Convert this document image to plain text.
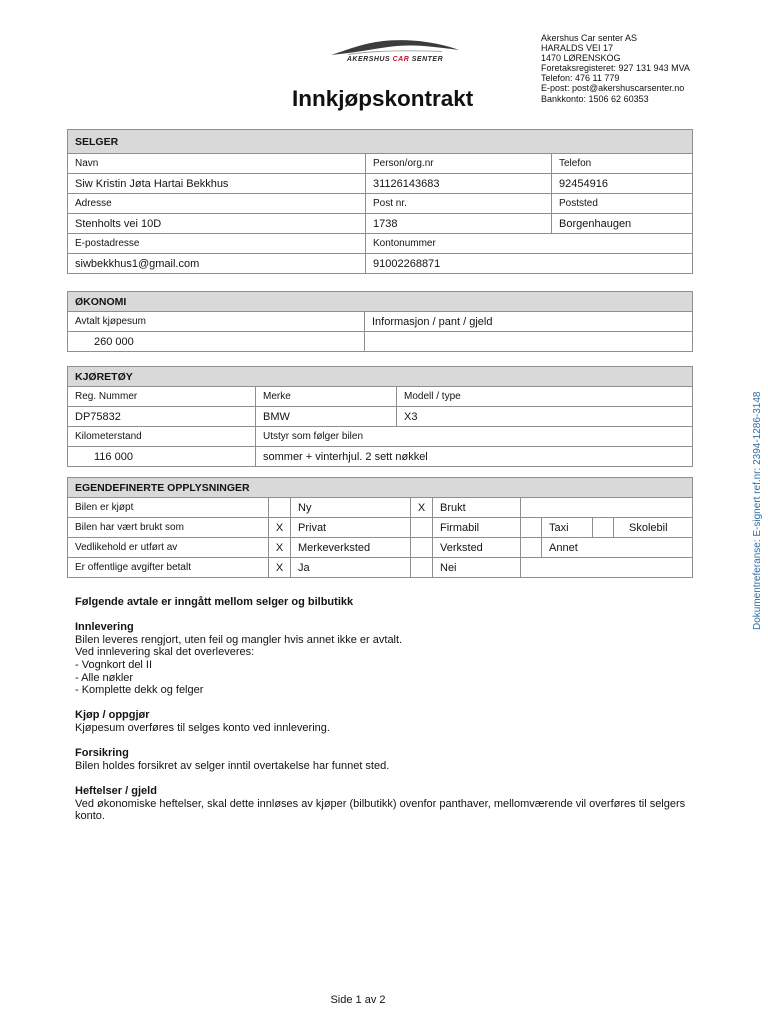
AKERSHUS CAR SENTER
Akershus Car senter AS
HARALDS VEI 17
1470 LØRENSKOG
Foretaksregisteret: 927 131 943 MVA
Telefon: 476 11 779
E-post: post@akershuscarsenter.no
Bankkonto: 1506 62 60353
Innkjøpskontrakt
SELGER		
Navn	Person/org.nr	Telefon
Siw Kristin Jøta Hartai Bekkhus	31126143683	92454916
Adresse	Post nr.	Poststed
Stenholts vei 10D	1738	Borgenhaugen
E-postadresse	Kontonummer	
siwbekkhus1@gmail.com	91002268871	
ØKONOMI	
Avtalt kjøpesum	Informasjon / pant / gjeld
260 000	
KJØRETØY		
Reg. Nummer	Merke	Modell / type
DP75832	BMW	X3
Kilometerstand	Utstyr som følger bilen	
116 000	sommer + vinterhjul. 2 sett nøkkel	
EGENDEFINERTE OPPLYSNINGER								
Bilen er kjøpt		Ny	X	Brukt				
Bilen har vært brukt som	X	Privat		Firmabil		Taxi		Skolebil
Vedlikehold er utført av	X	Merkeverksted		Verksted		Annet		
Er offentlige avgifter betalt	X	Ja		Nei				
Følgende avtale er inngått mellom selger og bilbutikk
Innlevering
Bilen leveres rengjort, uten feil og mangler hvis annet ikke er avtalt.
Ved innlevering skal det overleveres:
- Vognkort del II
- Alle nøkler
- Komplette dekk og felger
Kjøp / oppgjør
Kjøpesum overføres til selges konto ved innlevering.
Forsikring
Bilen holdes forsikret av selger inntil overtakelse har funnet sted.
Heftelser / gjeld
Ved økonomiske heftelser, skal dette innløses av kjøper (bilbutikk) ovenfor panthaver, mellomværende vil overføres til selgers
konto.
Dokumentreferanse: E-signert ref.nr: 2394-1286-3148
Side 1 av 2
